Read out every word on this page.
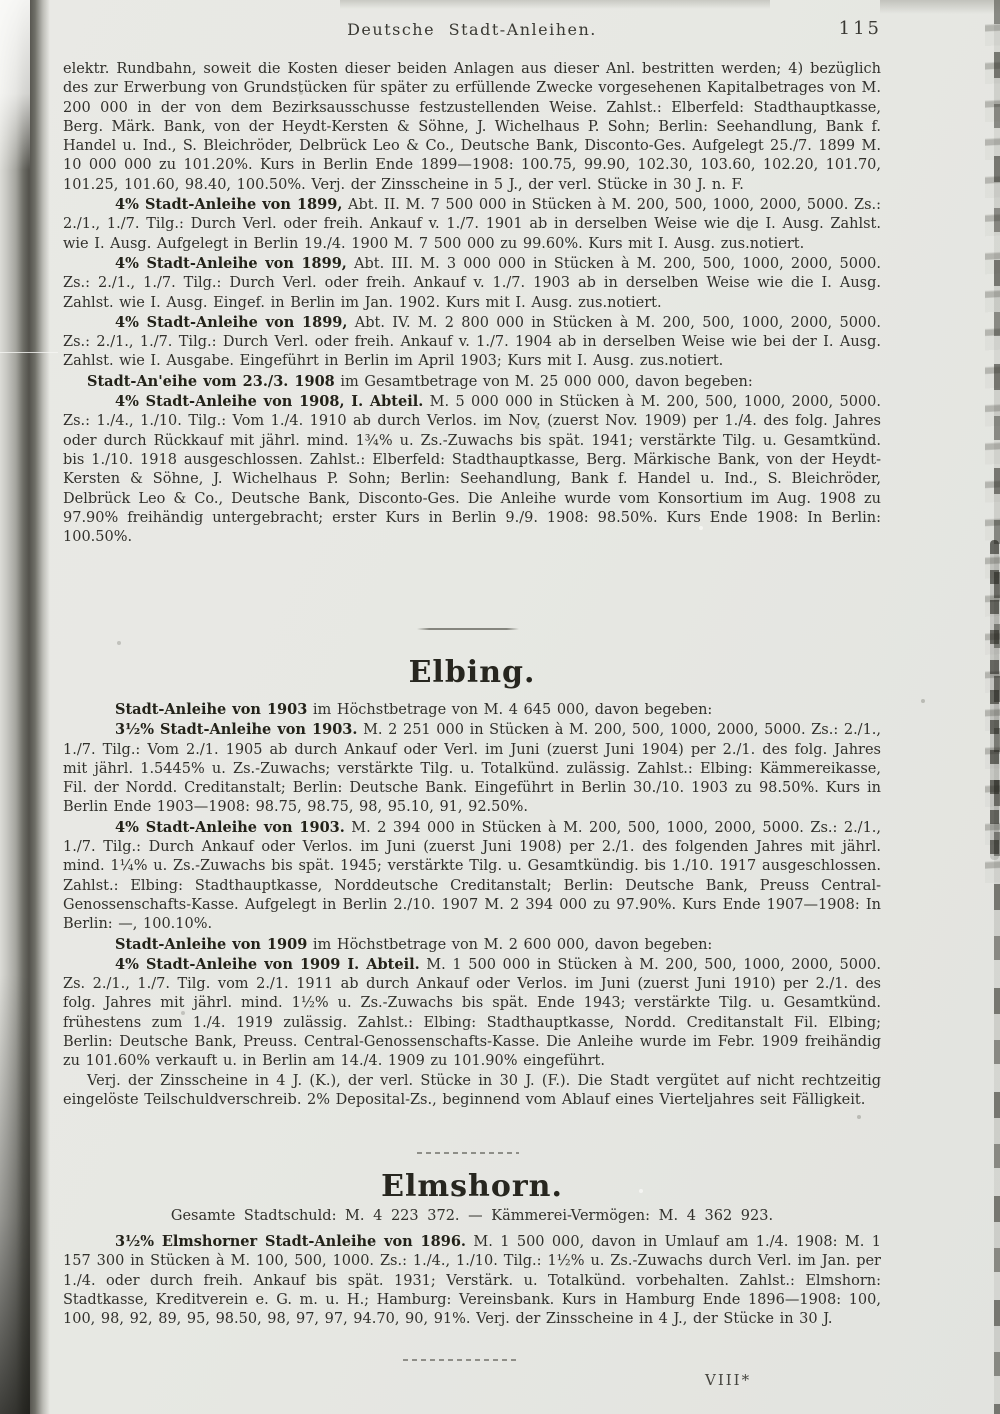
Deutsche Stadt-Anleihen.	115

elektr. Rundbahn, soweit die Kosten dieser beiden Anlagen aus dieser Anl. bestritten werden; 4) bezüglich des zur Erwerbung von Grundstücken für später zu erfüllende Zwecke vorgesehenen Kapitalbetrages von M. 200 000 in der von dem Bezirksausschusse festzustellenden Weise. Zahlst.: Elberfeld: Stadthauptkasse, Berg. Märk. Bank, von der Heydt-Kersten & Söhne, J. Wichelhaus P. Sohn; Berlin: Seehandlung, Bank f. Handel u. Ind., S. Bleichröder, Delbrück Leo & Co., Deutsche Bank, Disconto-Ges. Aufgelegt 25./7. 1899 M. 10 000 000 zu 101.20%. Kurs in Berlin Ende 1899—1908: 100.75, 99.90, 102.30, 103.60, 102.20, 101.70, 101.25, 101.60, 98.40, 100.50%. Verj. der Zinsscheine in 5 J., der verl. Stücke in 30 J. n. F.

4% Stadt-Anleihe von 1899, Abt. II. M. 7 500 000 in Stücken à M. 200, 500, 1000, 2000, 5000. Zs.: 2./1., 1./7. Tilg.: Durch Verl. oder freih. Ankauf v. 1./7. 1901 ab in derselben Weise wie die I. Ausg. Zahlst. wie I. Ausg. Aufgelegt in Berlin 19./4. 1900 M. 7 500 000 zu 99.60%. Kurs mit I. Ausg. zus.notiert.

4% Stadt-Anleihe von 1899, Abt. III. M. 3 000 000 in Stücken à M. 200, 500, 1000, 2000, 5000. Zs.: 2./1., 1./7. Tilg.: Durch Verl. oder freih. Ankauf v. 1./7. 1903 ab in derselben Weise wie die I. Ausg. Zahlst. wie I. Ausg. Eingef. in Berlin im Jan. 1902. Kurs mit I. Ausg. zus.notiert.

4% Stadt-Anleihe von 1899, Abt. IV. M. 2 800 000 in Stücken à M. 200, 500, 1000, 2000, 5000. Zs.: 2./1., 1./7. Tilg.: Durch Verl. oder freih. Ankauf v. 1./7. 1904 ab in derselben Weise wie bei der I. Ausg. Zahlst. wie I. Ausgabe. Eingeführt in Berlin im April 1903; Kurs mit I. Ausg. zus.notiert.

Stadt-An'eihe vom 23./3. 1908 im Gesamtbetrage von M. 25 000 000, davon begeben:

4% Stadt-Anleihe von 1908, I. Abteil. M. 5 000 000 in Stücken à M. 200, 500, 1000, 2000, 5000. Zs.: 1./4., 1./10. Tilg.: Vom 1./4. 1910 ab durch Verlos. im Nov. (zuerst Nov. 1909) per 1./4. des folg. Jahres oder durch Rückkauf mit jährl. mind. 1¾% u. Zs.-Zuwachs bis spät. 1941; verstärkte Tilg. u. Gesamtkünd. bis 1./10. 1918 ausgeschlossen. Zahlst.: Elberfeld: Stadthauptkasse, Berg. Märkische Bank, von der Heydt-Kersten & Söhne, J. Wichelhaus P. Sohn; Berlin: Seehandlung, Bank f. Handel u. Ind., S. Bleichröder, Delbrück Leo & Co., Deutsche Bank, Disconto-Ges. Die Anleihe wurde vom Konsortium im Aug. 1908 zu 97.90% freihändig untergebracht; erster Kurs in Berlin 9./9. 1908: 98.50%. Kurs Ende 1908: In Berlin: 100.50%.

Elbing.

Stadt-Anleihe von 1903 im Höchstbetrage von M. 4 645 000, davon begeben:

3½% Stadt-Anleihe von 1903. M. 2 251 000 in Stücken à M. 200, 500, 1000, 2000, 5000. Zs.: 2./1., 1./7. Tilg.: Vom 2./1. 1905 ab durch Ankauf oder Verl. im Juni (zuerst Juni 1904) per 2./1. des folg. Jahres mit jährl. 1.5445% u. Zs.-Zuwachs; verstärkte Tilg. u. Totalkünd. zulässig. Zahlst.: Elbing: Kämmereikasse, Fil. der Nordd. Creditanstalt; Berlin: Deutsche Bank. Eingeführt in Berlin 30./10. 1903 zu 98.50%. Kurs in Berlin Ende 1903—1908: 98.75, 98.75, 98, 95.10, 91, 92.50%.

4% Stadt-Anleihe von 1903. M. 2 394 000 in Stücken à M. 200, 500, 1000, 2000, 5000. Zs.: 2./1., 1./7. Tilg.: Durch Ankauf oder Verlos. im Juni (zuerst Juni 1908) per 2./1. des folgenden Jahres mit jährl. mind. 1¼% u. Zs.-Zuwachs bis spät. 1945; verstärkte Tilg. u. Gesamtkündig. bis 1./10. 1917 ausgeschlossen. Zahlst.: Elbing: Stadthauptkasse, Norddeutsche Creditanstalt; Berlin: Deutsche Bank, Preuss Central-Genossenschafts-Kasse. Aufgelegt in Berlin 2./10. 1907 M. 2 394 000 zu 97.90%. Kurs Ende 1907—1908: In Berlin: —, 100.10%.

Stadt-Anleihe von 1909 im Höchstbetrage von M. 2 600 000, davon begeben:

4% Stadt-Anleihe von 1909 I. Abteil. M. 1 500 000 in Stücken à M. 200, 500, 1000, 2000, 5000. Zs. 2./1., 1./7. Tilg. vom 2./1. 1911 ab durch Ankauf oder Verlos. im Juni (zuerst Juni 1910) per 2./1. des folg. Jahres mit jährl. mind. 1½% u. Zs.-Zuwachs bis spät. Ende 1943; verstärkte Tilg. u. Gesamtkünd. frühestens zum 1./4. 1919 zulässig. Zahlst.: Elbing: Stadthauptkasse, Nordd. Creditanstalt Fil. Elbing; Berlin: Deutsche Bank, Preuss. Central-Genossenschafts-Kasse. Die Anleihe wurde im Febr. 1909 freihändig zu 101.60% verkauft u. in Berlin am 14./4. 1909 zu 101.90% eingeführt.

Verj. der Zinsscheine in 4 J. (K.), der verl. Stücke in 30 J. (F.). Die Stadt vergütet auf nicht rechtzeitig eingelöste Teilschuldverschreib. 2% Deposital-Zs., beginnend vom Ablauf eines Vierteljahres seit Fälligkeit.

Elmshorn.
Gesamte Stadtschuld: M. 4 223 372. — Kämmerei-Vermögen: M. 4 362 923.

3½% Elmshorner Stadt-Anleihe von 1896. M. 1 500 000, davon in Umlauf am 1./4. 1908: M. 1 157 300 in Stücken à M. 100, 500, 1000. Zs.: 1./4., 1./10. Tilg.: 1½% u. Zs.-Zuwachs durch Verl. im Jan. per 1./4. oder durch freih. Ankauf bis spät. 1931; Verstärk. u. Totalkünd. vorbehalten. Zahlst.: Elmshorn: Stadtkasse, Kreditverein e. G. m. u. H.; Hamburg: Vereinsbank. Kurs in Hamburg Ende 1896—1908: 100, 100, 98, 92, 89, 95, 98.50, 98, 97, 97, 94.70, 90, 91%. Verj. der Zinsscheine in 4 J., der Stücke in 30 J.

VIII*
